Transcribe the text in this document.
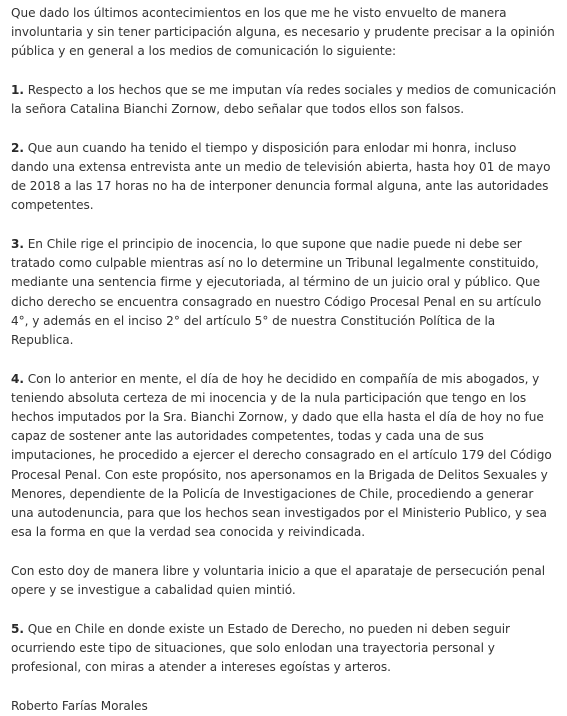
Que dado los últimos acontecimientos en los que me he visto envuelto de manera involuntaria y sin tener participación alguna, es necesario y prudente precisar a la opinión pública y en general a los medios de comunicación lo siguiente:

1. Respecto a los hechos que se me imputan vía redes sociales y medios de comunicación la señora Catalina Bianchi Zornow, debo señalar que todos ellos son falsos.

2. Que aun cuando ha tenido el tiempo y disposición para enlodar mi honra, incluso dando una extensa entrevista ante un medio de televisión abierta, hasta hoy 01 de mayo de 2018 a las 17 horas no ha de interponer denuncia formal alguna, ante las autoridades competentes.

3. En Chile rige el principio de inocencia, lo que supone que nadie puede ni debe ser tratado como culpable mientras así no lo determine un Tribunal legalmente constituido, mediante una sentencia firme y ejecutoriada, al término de un juicio oral y público. Que dicho derecho se encuentra consagrado en nuestro Código Procesal Penal en su artículo 4°, y además en el inciso 2° del artículo 5° de nuestra Constitución Política de la Republica.

4. Con lo anterior en mente, el día de hoy he decidido en compañía de mis abogados, y teniendo absoluta certeza de mi inocencia y de la nula participación que tengo en los hechos imputados por la Sra. Bianchi Zornow, y dado que ella hasta el día de hoy no fue capaz de sostener ante las autoridades competentes, todas y cada una de sus imputaciones, he procedido a ejercer el derecho consagrado en el artículo 179 del Código Procesal Penal. Con este propósito, nos apersonamos en la Brigada de Delitos Sexuales y Menores, dependiente de la Policía de Investigaciones de Chile, procediendo a generar una autodenuncia, para que los hechos sean investigados por el Ministerio Publico, y sea esa la forma en que la verdad sea conocida y reivindicada.

Con esto doy de manera libre y voluntaria inicio a que el aparataje de persecución penal opere y se investigue a cabalidad quien mintió.

5. Que en Chile en donde existe un Estado de Derecho, no pueden ni deben seguir ocurriendo este tipo de situaciones, que solo enlodan una trayectoria personal y profesional, con miras a atender a intereses egoístas y arteros.

Roberto Farías Morales
